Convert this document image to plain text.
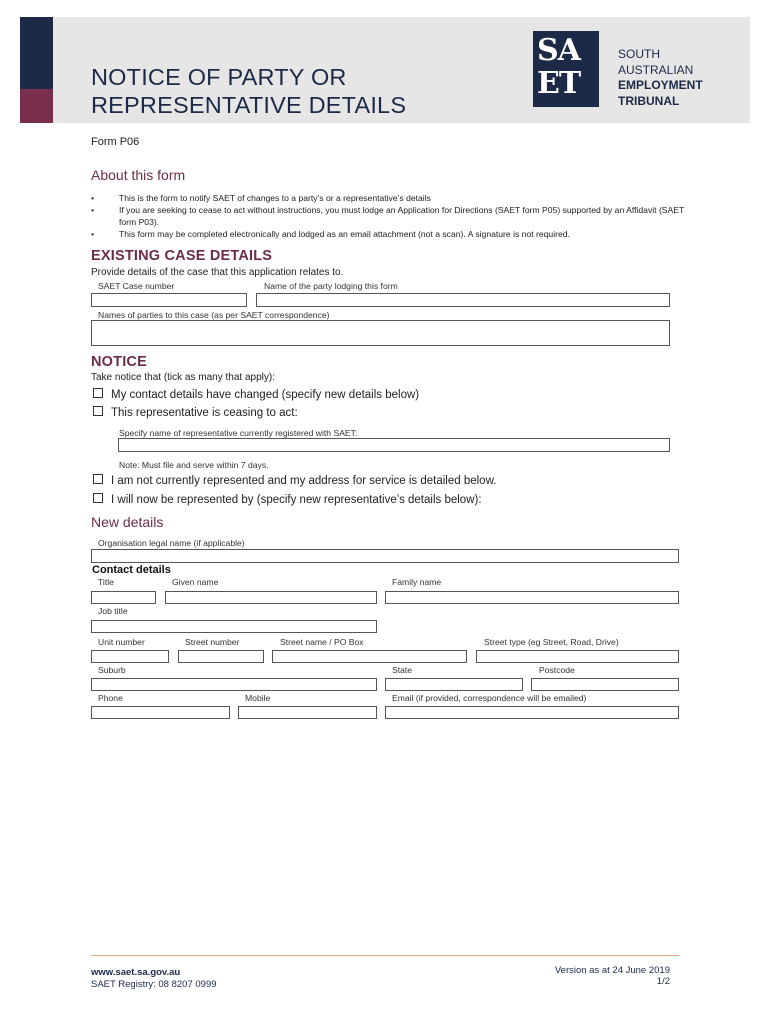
NOTICE OF PARTY OR
REPRESENTATIVE DETAILS
SA
ET
SOUTH
AUSTRALIAN
EMPLOYMENT
TRIBUNAL
Form P06
About this form
• This is the form to notify SAET of changes to a party’s or a representative’s details
• If you are seeking to cease to act without instructions, you must lodge an Application for Directions (SAET form P05) supported by an Affidavit (SAET form P03).
• This form may be completed electronically and lodged as an email attachment (not a scan). A signature is not required.
EXISTING CASE DETAILS
Provide details of the case that this application relates to.
SAET Case number	Name of the party lodging this form
Names of parties to this case (as per SAET correspondence)
NOTICE
Take notice that (tick as many that apply):
My contact details have changed (specify new details below)
This representative is ceasing to act:
Specify name of representative currently registered with SAET:
Note: Must file and serve within 7 days.
I am not currently represented and my address for service is detailed below.
I will now be represented by (specify new representative’s details below):
New details
Organisation legal name (if applicable)
Contact details
Title	Given name	Family name
Job title
Unit number	Street number	Street name / PO Box	Street type (eg Street, Road, Drive)
Suburb	State	Postcode
Phone	Mobile	Email (if provided, correspondence will be emailed)
www.saet.sa.gov.au
SAET Registry: 08 8207 0999
Version as at 24 June 2019
1/2
